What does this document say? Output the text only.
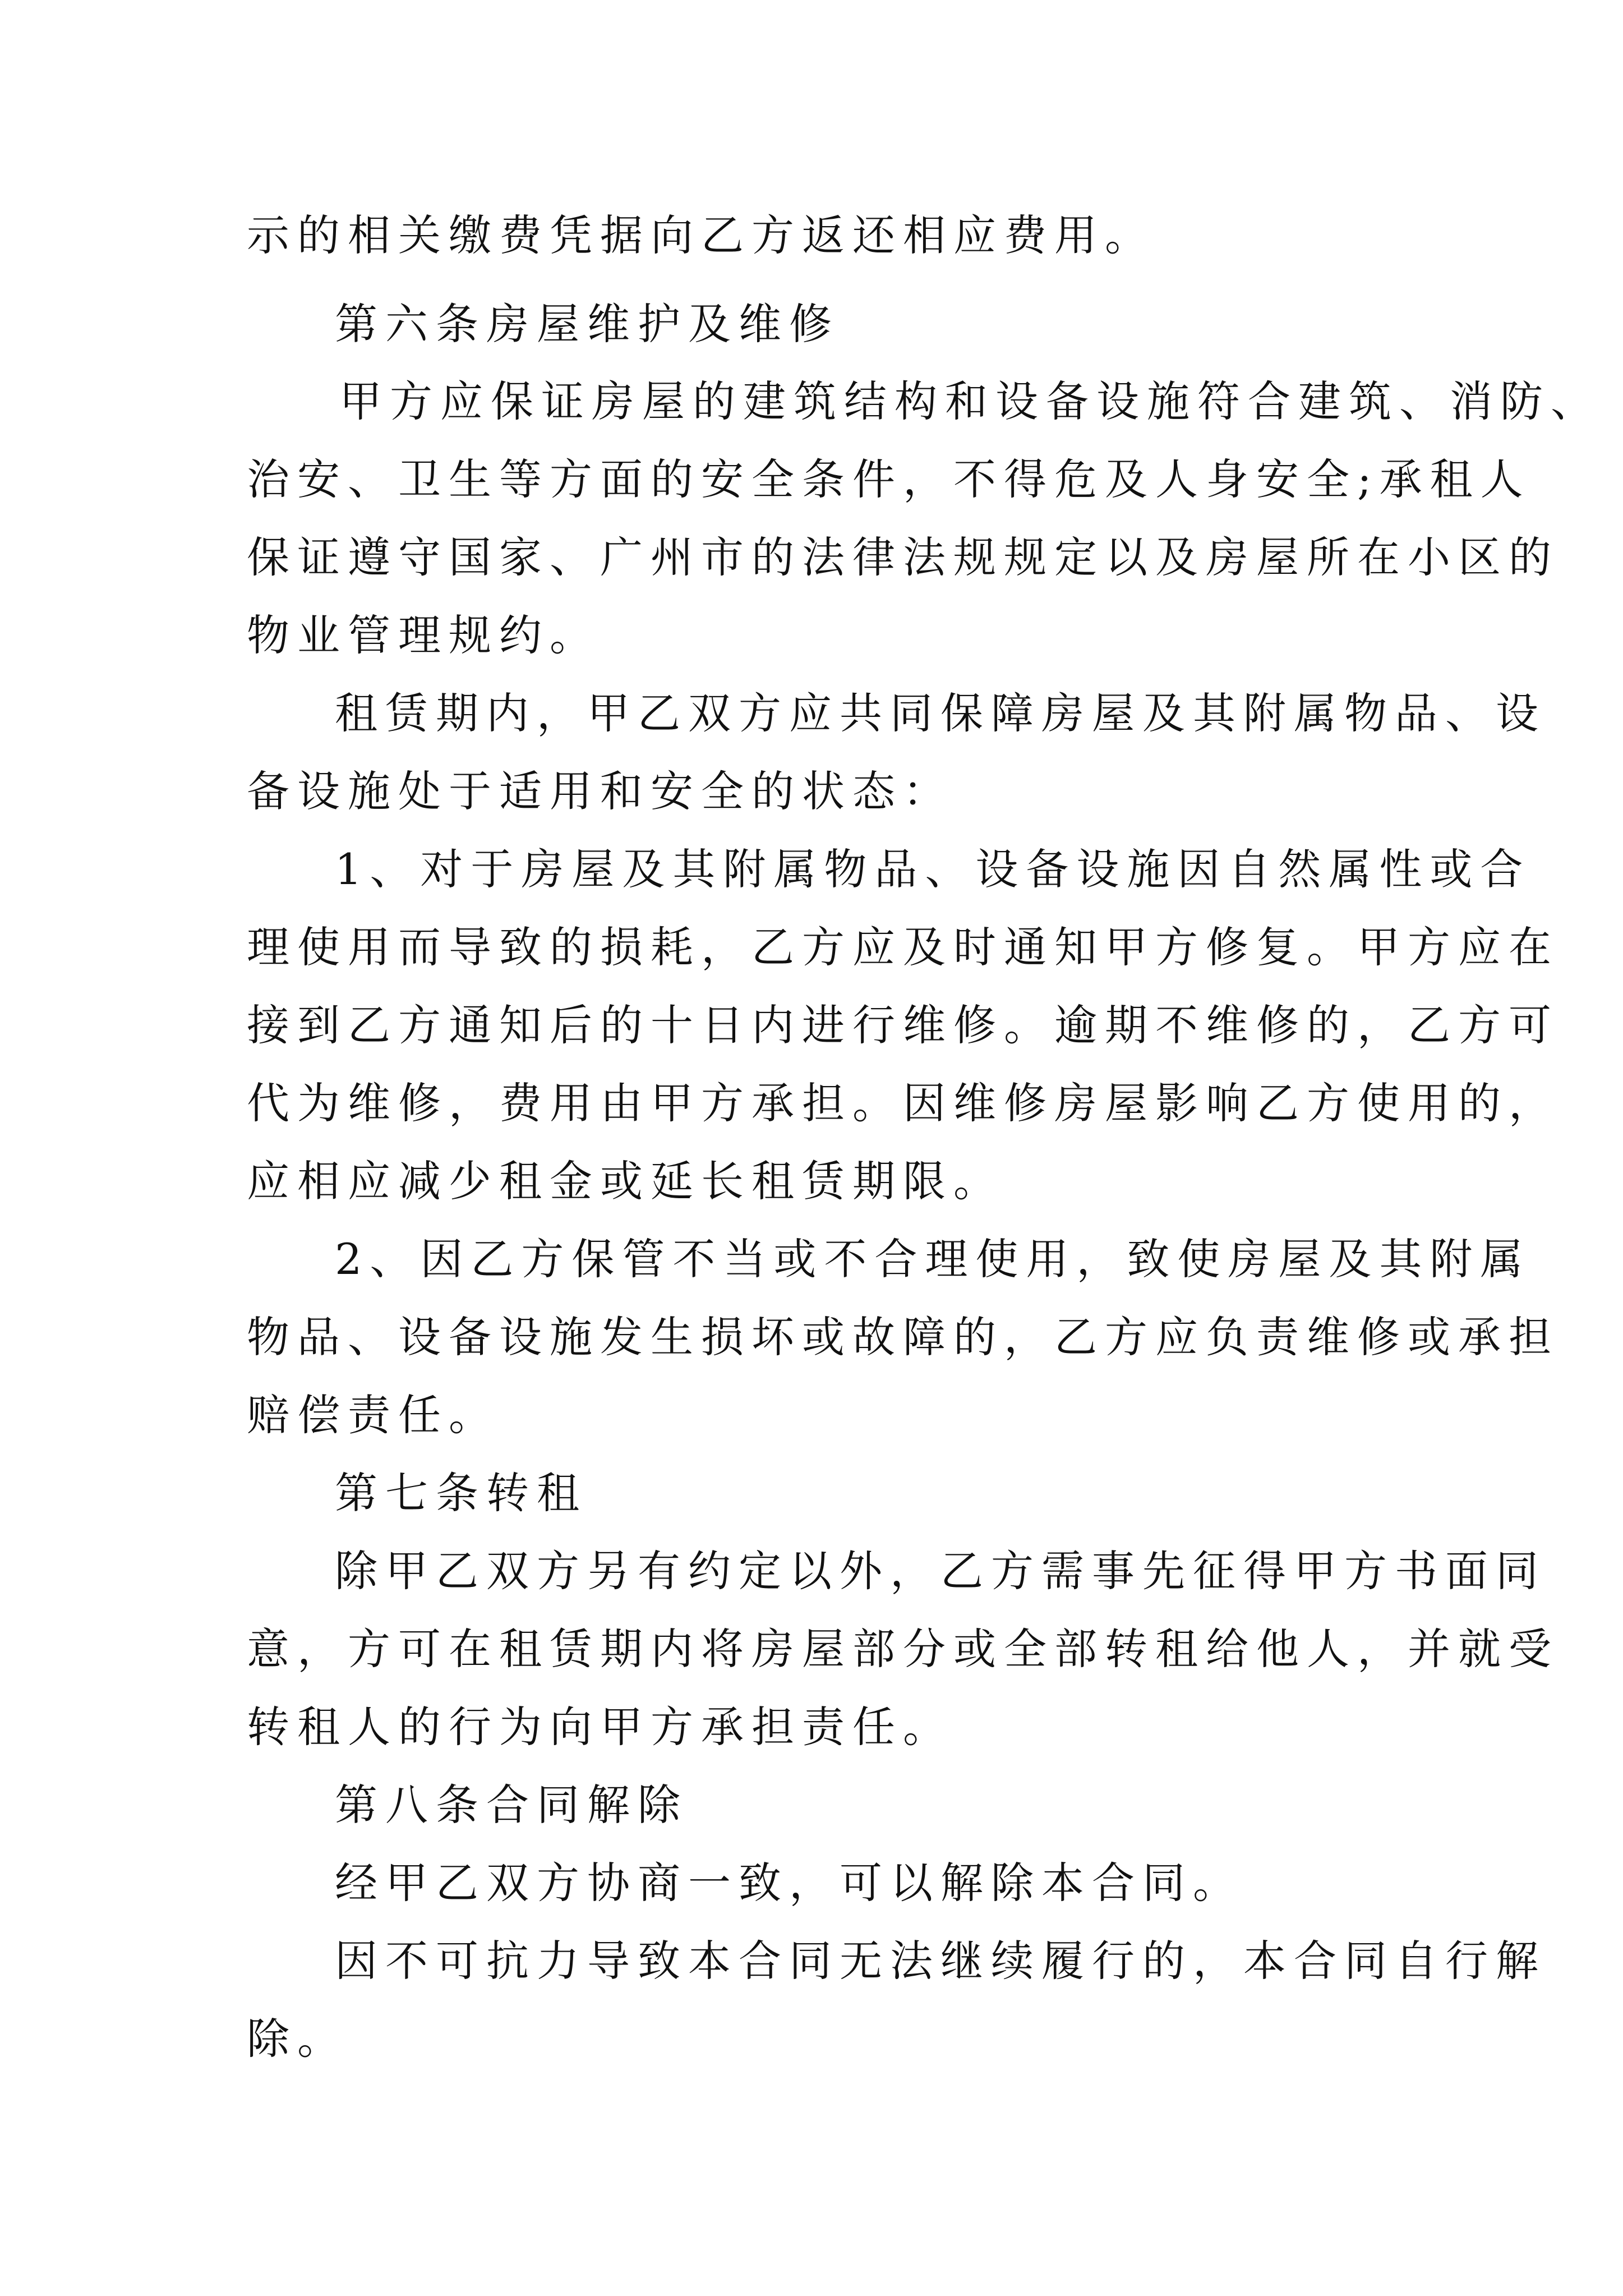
示的相关缴费凭据向乙方返还相应费用。
第六条房屋维护及维修
甲方应保证房屋的建筑结构和设备设施符合建筑、消防、
治安、卫生等方面的安全条件，不得危及人身安全;承租人
保证遵守国家、广州市的法律法规规定以及房屋所在小区的
物业管理规约。
租赁期内，甲乙双方应共同保障房屋及其附属物品、设
备设施处于适用和安全的状态：
1、对于房屋及其附属物品、设备设施因自然属性或合
理使用而导致的损耗，乙方应及时通知甲方修复。甲方应在
接到乙方通知后的十日内进行维修。逾期不维修的，乙方可
代为维修，费用由甲方承担。因维修房屋影响乙方使用的，
应相应减少租金或延长租赁期限。
2、因乙方保管不当或不合理使用，致使房屋及其附属
物品、设备设施发生损坏或故障的，乙方应负责维修或承担
赔偿责任。
第七条转租
除甲乙双方另有约定以外，乙方需事先征得甲方书面同
意，方可在租赁期内将房屋部分或全部转租给他人，并就受
转租人的行为向甲方承担责任。
第八条合同解除
经甲乙双方协商一致，可以解除本合同。
因不可抗力导致本合同无法继续履行的，本合同自行解
除。
